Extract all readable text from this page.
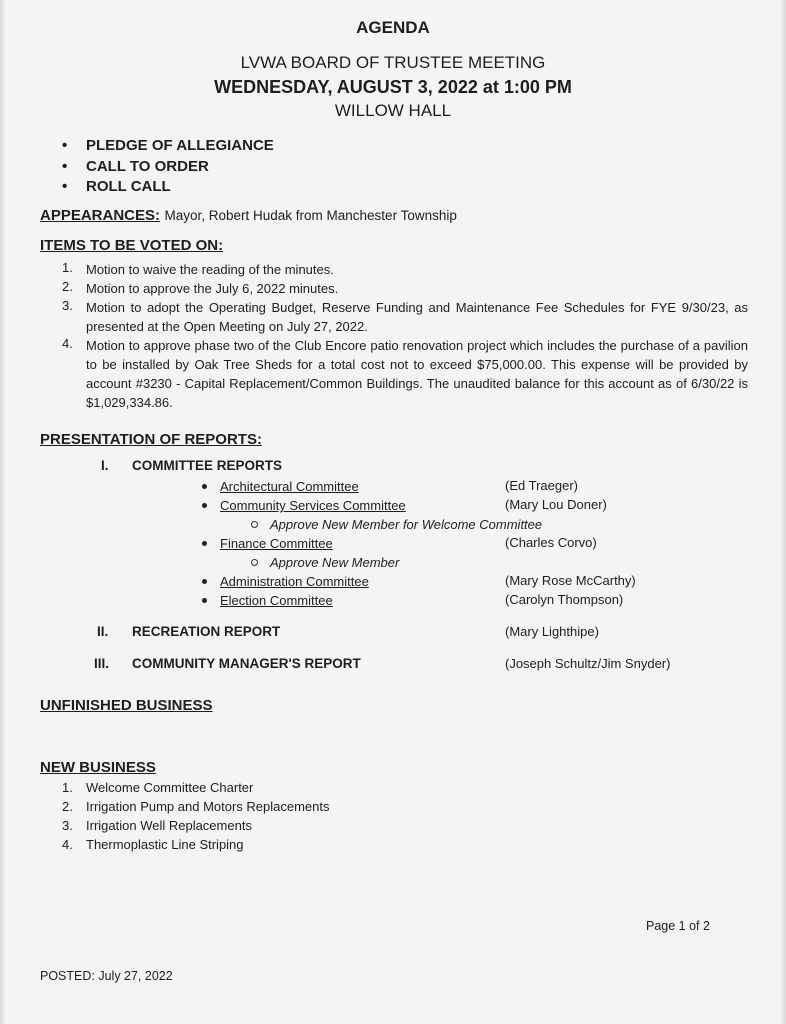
AGENDA
LVWA BOARD OF TRUSTEE MEETING
WEDNESDAY, AUGUST 3, 2022 at 1:00 PM
WILLOW HALL
• PLEDGE OF ALLEGIANCE
• CALL TO ORDER
• ROLL CALL
APPEARANCES: Mayor, Robert Hudak from Manchester Township
ITEMS TO BE VOTED ON:
1. Motion to waive the reading of the minutes.
2. Motion to approve the July 6, 2022 minutes.
3. Motion to adopt the Operating Budget, Reserve Funding and Maintenance Fee Schedules for FYE 9/30/23, as presented at the Open Meeting on July 27, 2022.
4. Motion to approve phase two of the Club Encore patio renovation project which includes the purchase of a pavilion to be installed by Oak Tree Sheds for a total cost not to exceed $75,000.00. This expense will be provided by account #3230 - Capital Replacement/Common Buildings. The unaudited balance for this account as of 6/30/22 is $1,029,334.86.
PRESENTATION OF REPORTS:
I. COMMITTEE REPORTS
Architectural Committee	(Ed Traeger)
Community Services Committee	(Mary Lou Doner)
Approve New Member for Welcome Committee
Finance Committee	(Charles Corvo)
Approve New Member
Administration Committee	(Mary Rose McCarthy)
Election Committee	(Carolyn Thompson)
II. RECREATION REPORT	(Mary Lighthipe)
III. COMMUNITY MANAGER'S REPORT	(Joseph Schultz/Jim Snyder)
UNFINISHED BUSINESS
NEW BUSINESS
1. Welcome Committee Charter
2. Irrigation Pump and Motors Replacements
3. Irrigation Well Replacements
4. Thermoplastic Line Striping
Page 1 of 2
POSTED: July 27, 2022
